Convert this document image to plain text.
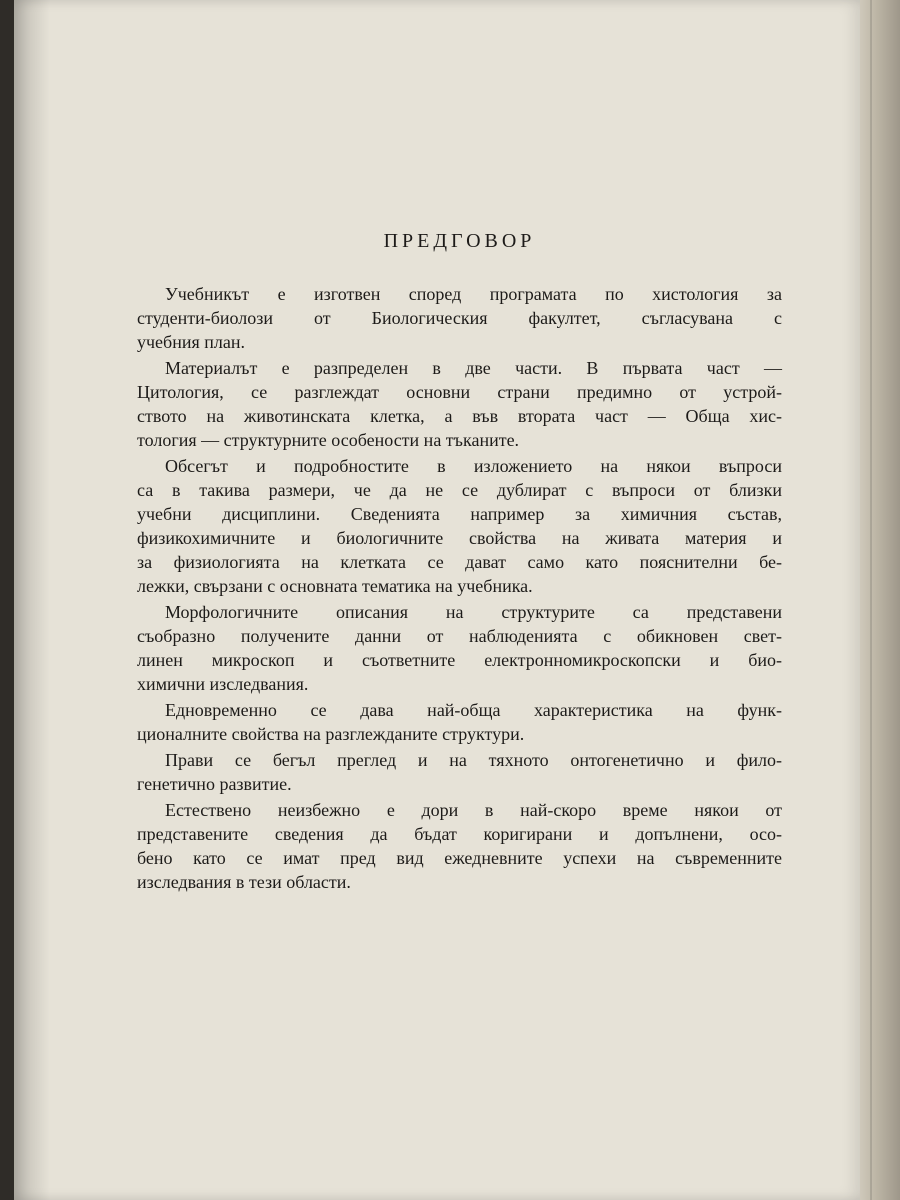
ПРЕДГОВОР
Учебникът е изготвен според програмата по хистология за
студенти-биолози от Биологическия факултет, съгласувана с
учебния план.
Материалът е разпределен в две части. В първата част —
Цитология, се разглеждат основни страни предимно от устрой-
ството на животинската клетка, а във втората част — Обща хис-
тология — структурните особености на тъканите.
Обсегът и подробностите в изложението на някои въпроси
са в такива размери, че да не се дублират с въпроси от близки
учебни дисциплини. Сведенията например за химичния състав,
физикохимичните и биологичните свойства на живата материя и
за физиологията на клетката се дават само като пояснителни бе-
лежки, свързани с основната тематика на учебника.
Морфологичните описания на структурите са представени
съобразно получените данни от наблюденията с обикновен свет-
линен микроскоп и съответните електронномикроскопски и био-
химични изследвания.
Едновременно се дава най-обща характеристика на функ-
ционалните свойства на разглежданите структури.
Прави се бегъл преглед и на тяхното онтогенетично и фило-
генетично развитие.
Естествено неизбежно е дори в най-скоро време някои от
представените сведения да бъдат коригирани и допълнени, осо-
бено като се имат пред вид ежедневните успехи на съвременните
изследвания в тези области.
